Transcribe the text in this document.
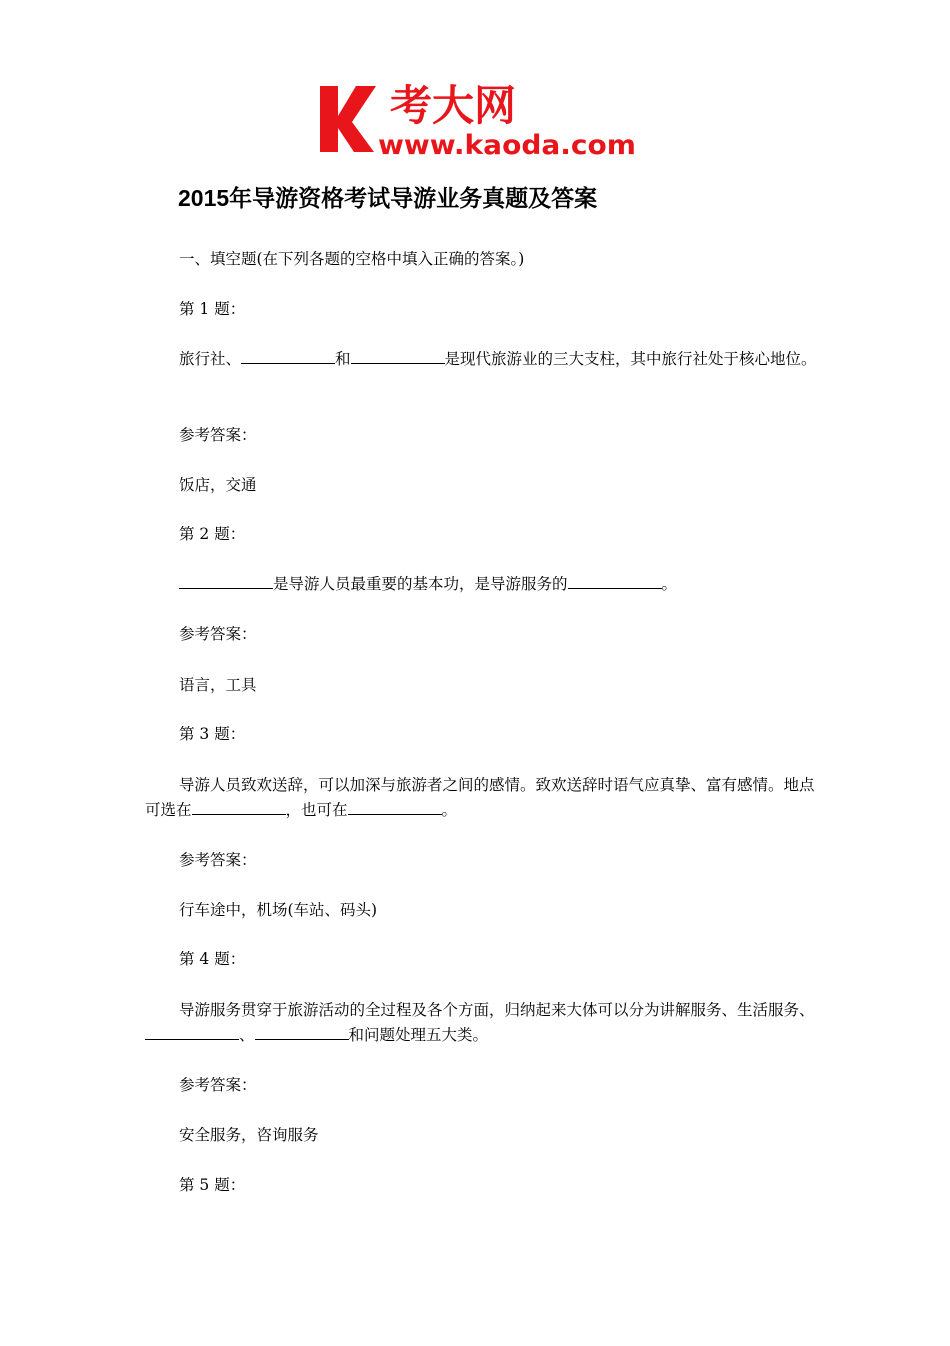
考大网
www.kaoda.com
2015年导游资格考试导游业务真题及答案
一、填空题(在下列各题的空格中填入正确的答案。)
第 1 题：
旅行社、	和	是现代旅游业的三大支柱，其中旅行社处于核心地位。
参考答案：
饭店，交通
第 2 题：
是导游人员最重要的基本功，是导游服务的	。
参考答案：
语言，工具
第 3 题：
导游人员致欢送辞，可以加深与旅游者之间的感情。致欢送辞时语气应真挚、富有感情。地点可选在	，也可在	。
参考答案：
行车途中，机场(车站、码头)
第 4 题：
导游服务贯穿于旅游活动的全过程及各个方面，归纳起来大体可以分为讲解服务、生活服务、、	和问题处理五大类。
参考答案：
安全服务，咨询服务
第 5 题：
